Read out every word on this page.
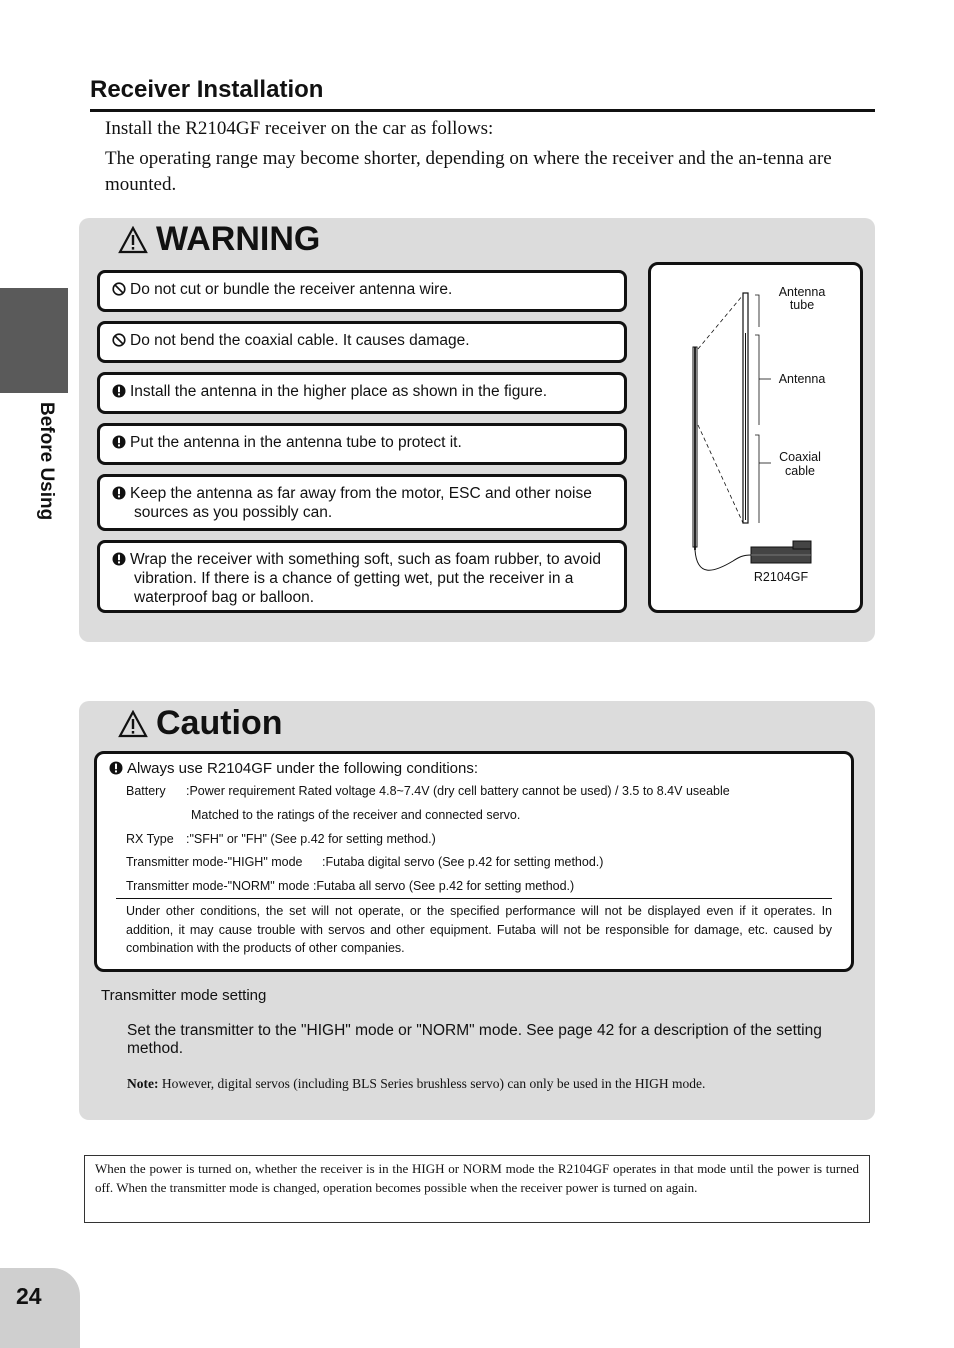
Receiver Installation
Install the R2104GF receiver on the car as follows:
The operating range may become shorter, depending on where the receiver and the an-tenna are mounted.
Before Using
WARNING
Do not cut or bundle the receiver antenna wire.
Do not bend the coaxial cable. It causes damage.
Install the antenna in the higher place as shown in the figure.
Put the antenna in the antenna tube to protect it.
Keep the antenna as far away from the motor, ESC and other noise sources as you possibly can.
Wrap the receiver with something soft, such as foam rubber, to avoid vibration. If there is a chance of getting wet, put the receiver in a waterproof bag or balloon.
Antenna tube
Antenna
Coaxial cable
R2104GF
Caution
Always use R2104GF under the following conditions:
Battery :Power requirement Rated voltage 4.8~7.4V (dry cell battery cannot be used) / 3.5 to 8.4V useable
Matched to the ratings of the receiver and connected servo.
RX Type :"SFH" or "FH" (See p.42 for setting method.)
Transmitter mode-"HIGH" mode :Futaba digital servo (See p.42 for setting method.)
Transmitter mode-"NORM" mode :Futaba all servo (See p.42 for setting method.)
Under other conditions, the set will not operate, or the specified performance will not be displayed even if it operates. In addition, it may cause trouble with servos and other equipment. Futaba will not be responsible for damage, etc. caused by combination with the products of other companies.
Transmitter mode setting
Set the transmitter to the "HIGH" mode or "NORM" mode. See page 42 for a description of the setting method.
Note: However, digital servos (including BLS Series brushless servo) can only be used in the HIGH mode.
When the power is turned on, whether the receiver is in the HIGH or NORM mode the R2104GF operates in that mode until the power is turned off. When the transmitter mode is changed, operation becomes possible when the receiver power is turned on again.
24
